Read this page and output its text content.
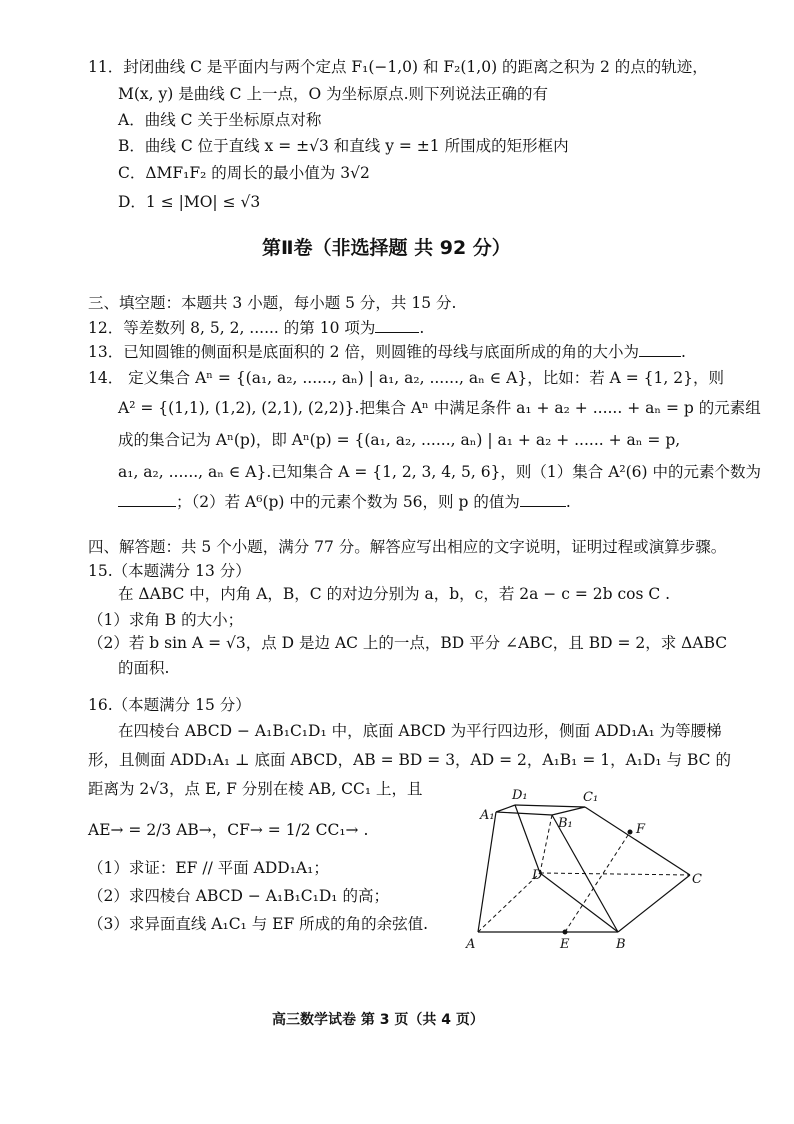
11．封闭曲线 C 是平面内与两个定点 F₁(−1,0) 和 F₂(1,0) 的距离之积为 2 的点的轨迹，
M(x, y) 是曲线 C 上一点，O 为坐标原点.则下列说法正确的有
A．曲线 C 关于坐标原点对称
B．曲线 C 位于直线 x = ±√3 和直线 y = ±1 所围成的矩形框内
C．ΔMF₁F₂ 的周长的最小值为 3√2
D．1 ≤ |MO| ≤ √3
第Ⅱ卷（非选择题 共 92 分）
三、填空题：本题共 3 小题，每小题 5 分，共 15 分.
12．等差数列 8, 5, 2, ...... 的第 10 项为	.
13．已知圆锥的侧面积是底面积的 2 倍，则圆锥的母线与底面所成的角的大小为	.
14． 定义集合 Aⁿ = {(a₁, a₂, ......, aₙ) | a₁, a₂, ......, aₙ ∈ A}，比如：若 A = {1, 2}，则
A² = {(1,1), (1,2), (2,1), (2,2)}.把集合 Aⁿ 中满足条件 a₁ + a₂ + ...... + aₙ = p 的元素组
成的集合记为 Aⁿ(p)，即 Aⁿ(p) = {(a₁, a₂, ......, aₙ) | a₁ + a₂ + ...... + aₙ = p,
a₁, a₂, ......, aₙ ∈ A}.已知集合 A = {1, 2, 3, 4, 5, 6}，则（1）集合 A²(6) 中的元素个数为
；（2）若 A⁶(p) 中的元素个数为 56，则 p 的值为	.
四、解答题：共 5 个小题，满分 77 分。解答应写出相应的文字说明，证明过程或演算步骤。
15.（本题满分 13 分）
在 ΔABC 中，内角 A，B，C 的对边分别为 a，b，c，若 2a − c = 2b cos C .
（1）求角 B 的大小；
（2）若 b sin A = √3，点 D 是边 AC 上的一点，BD 平分 ∠ABC，且 BD = 2，求 ΔABC
的面积.
16.（本题满分 15 分）
在四棱台 ABCD − A₁B₁C₁D₁ 中，底面 ABCD 为平行四边形，侧面 ADD₁A₁ 为等腰梯
形，且侧面 ADD₁A₁ ⊥ 底面 ABCD，AB = BD = 3，AD = 2，A₁B₁ = 1，A₁D₁ 与 BC 的
距离为 2√3，点 E, F 分别在棱 AB, CC₁ 上，且
AE→ = 2/3 AB→，CF→ = 1/2 CC₁→ .
（1）求证：EF // 平面 ADD₁A₁；
（2）求四棱台 ABCD − A₁B₁C₁D₁ 的高；
（3）求异面直线 A₁C₁ 与 EF 所成的角的余弦值.
A₁
D₁	C₁
B₁	F
D	C
A	E	B
高三数学试卷 第 3 页（共 4 页）
